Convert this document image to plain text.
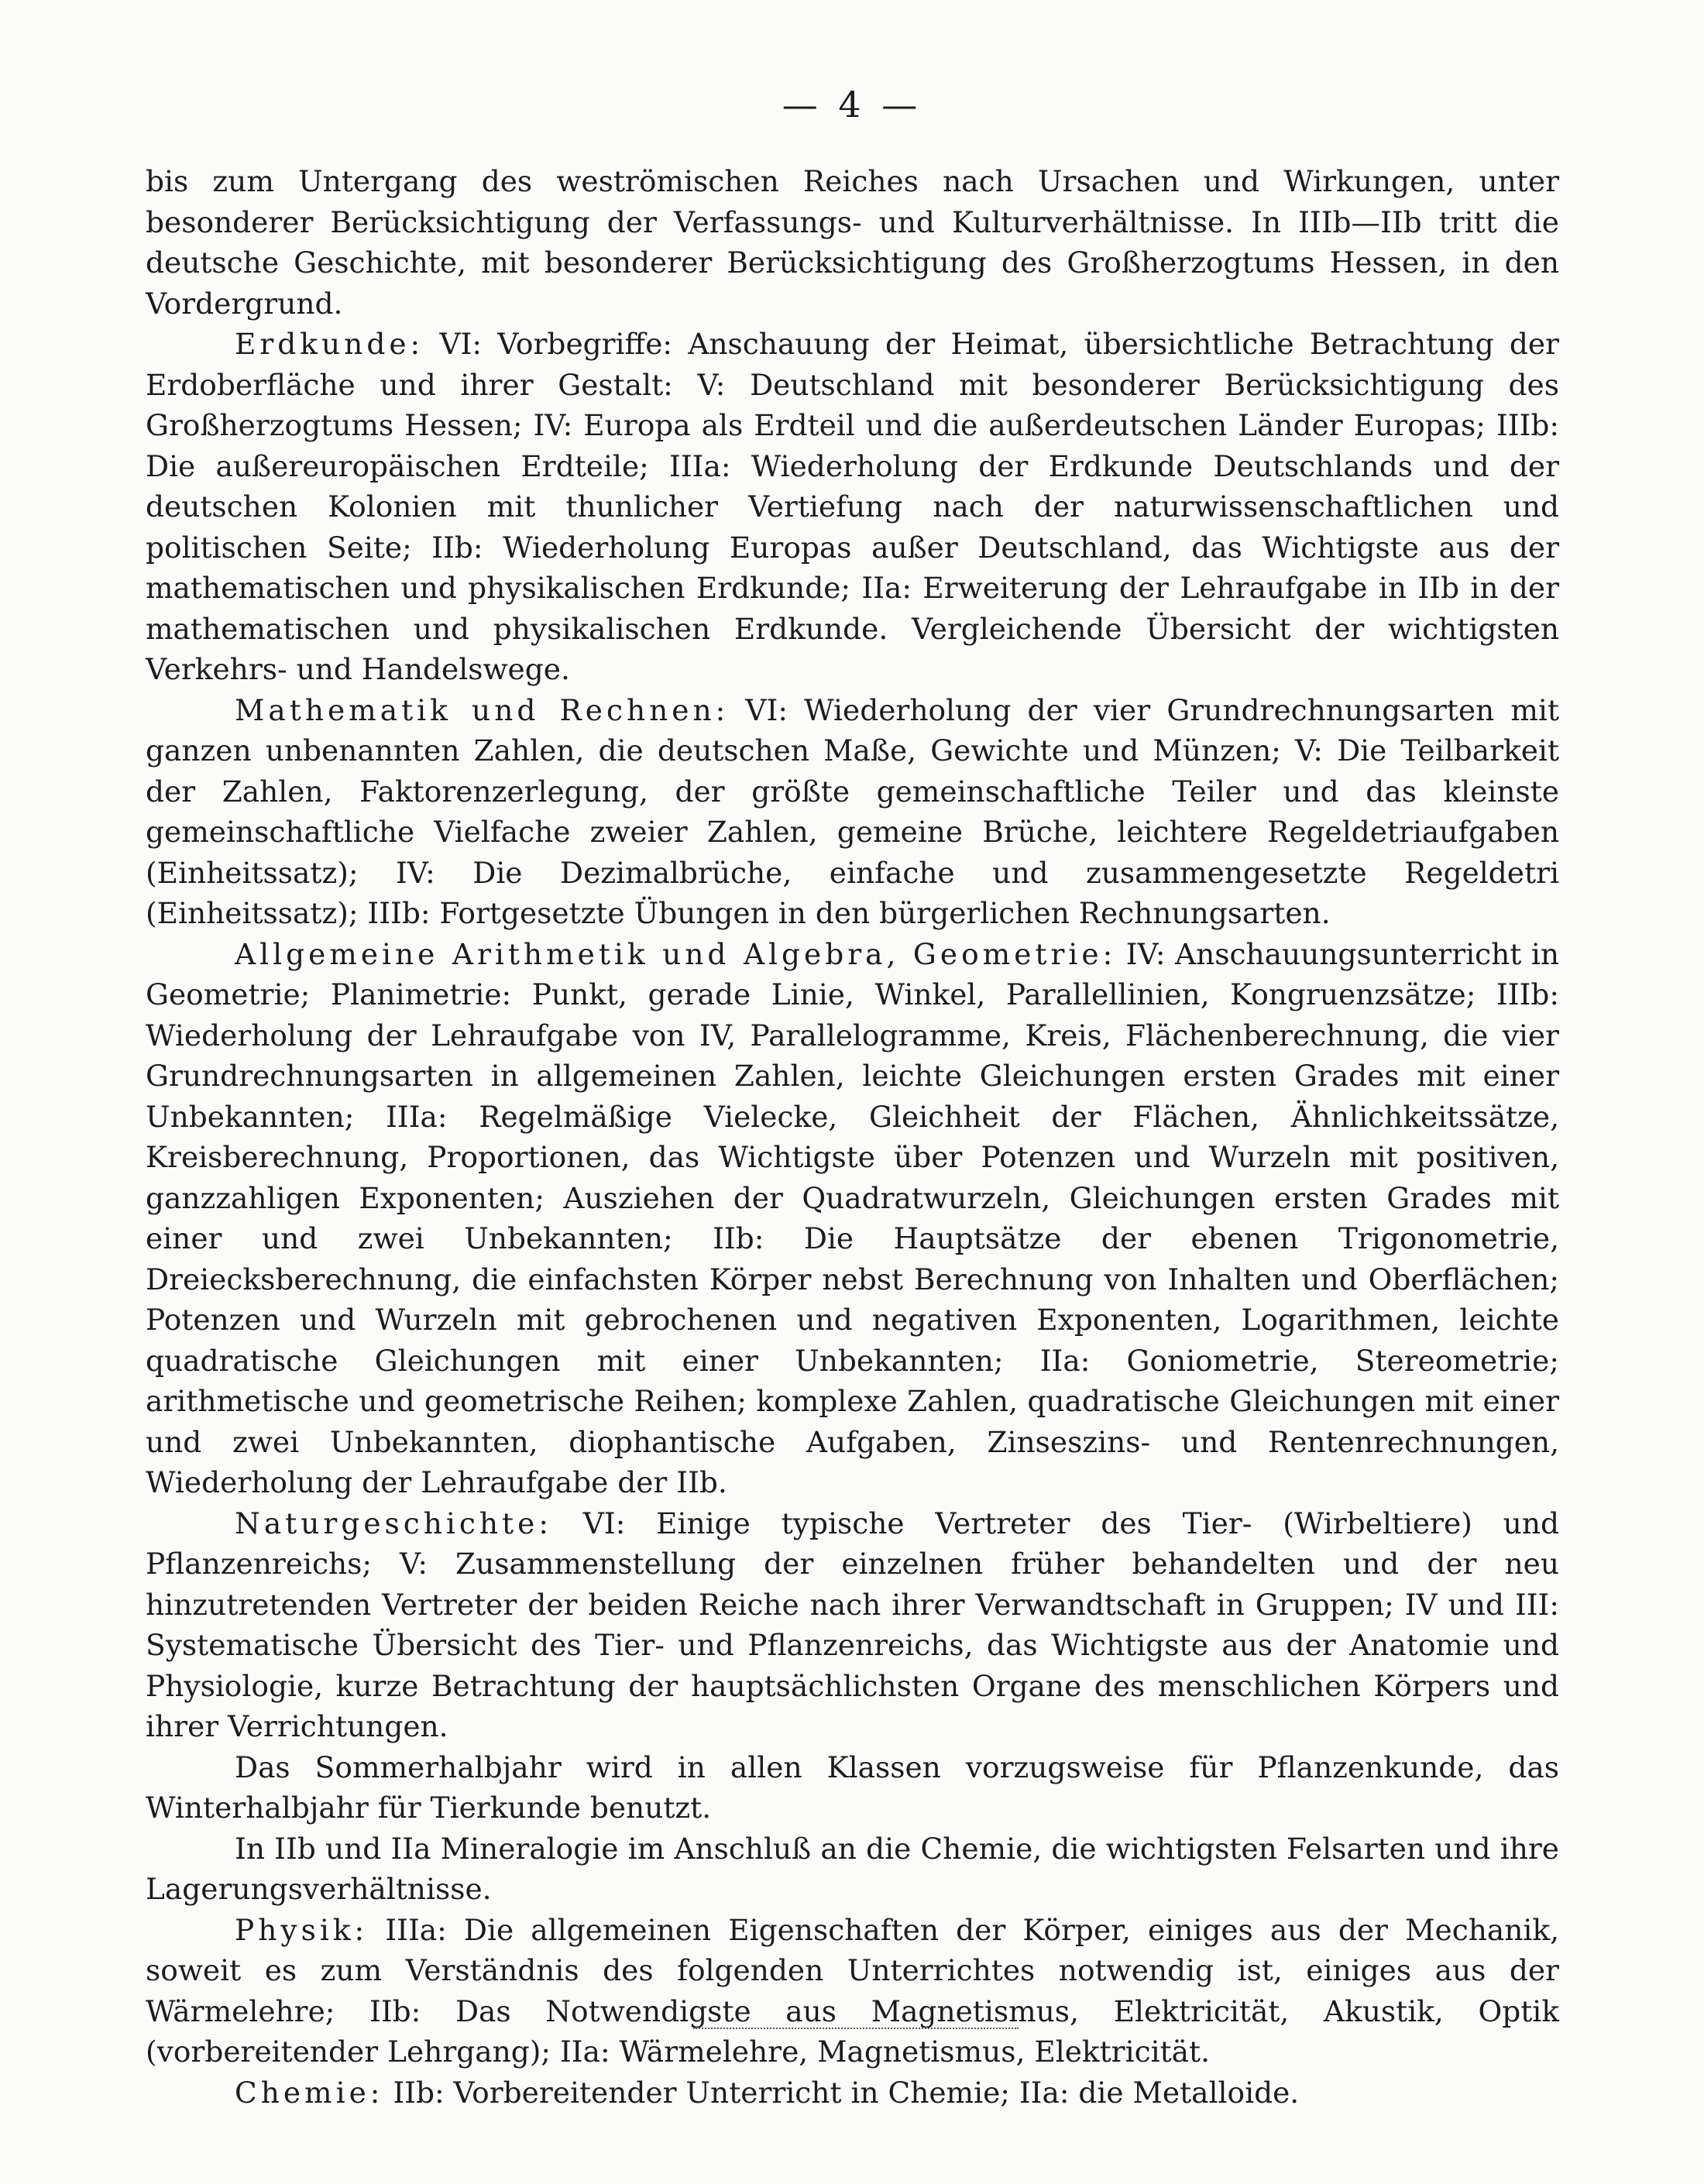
— 4 —

bis zum Untergang des weströmischen Reiches nach Ursachen und Wirkungen, unter besonderer Berücksichtigung der Verfassungs- und Kulturverhältnisse. In IIIb—IIb tritt die deutsche Geschichte, mit besonderer Berücksichtigung des Großherzogtums Hessen, in den Vordergrund.

Erdkunde: VI: Vorbegriffe: Anschauung der Heimat, übersichtliche Betrachtung der Erdoberfläche und ihrer Gestalt: V: Deutschland mit besonderer Berücksichtigung des Großherzogtums Hessen; IV: Europa als Erdteil und die außerdeutschen Länder Europas; IIIb: Die außereuropäischen Erdteile; IIIa: Wiederholung der Erdkunde Deutschlands und der deutschen Kolonien mit thunlicher Vertiefung nach der naturwissenschaftlichen und politischen Seite; IIb: Wiederholung Europas außer Deutschland, das Wichtigste aus der mathematischen und physikalischen Erdkunde; IIa: Erweiterung der Lehraufgabe in IIb in der mathematischen und physikalischen Erdkunde. Vergleichende Übersicht der wichtigsten Verkehrs- und Handelswege.

Mathematik und Rechnen: VI: Wiederholung der vier Grundrechnungsarten mit ganzen unbenannten Zahlen, die deutschen Maße, Gewichte und Münzen; V: Die Teilbarkeit der Zahlen, Faktorenzerlegung, der größte gemeinschaftliche Teiler und das kleinste gemeinschaftliche Vielfache zweier Zahlen, gemeine Brüche, leichtere Regeldetriaufgaben (Einheitssatz); IV: Die Dezimalbrüche, einfache und zusammengesetzte Regeldetri (Einheitssatz); IIIb: Fortgesetzte Übungen in den bürgerlichen Rechnungsarten.

Allgemeine Arithmetik und Algebra, Geometrie: IV: Anschauungsunterricht in Geometrie; Planimetrie: Punkt, gerade Linie, Winkel, Parallellinien, Kongruenzsätze; IIIb: Wiederholung der Lehraufgabe von IV, Parallelogramme, Kreis, Flächenberechnung, die vier Grundrechnungsarten in allgemeinen Zahlen, leichte Gleichungen ersten Grades mit einer Unbekannten; IIIa: Regelmäßige Vielecke, Gleichheit der Flächen, Ähnlichkeitssätze, Kreisberechnung, Proportionen, das Wichtigste über Potenzen und Wurzeln mit positiven, ganzzahligen Exponenten; Ausziehen der Quadratwurzeln, Gleichungen ersten Grades mit einer und zwei Unbekannten; IIb: Die Hauptsätze der ebenen Trigonometrie, Dreiecksberechnung, die einfachsten Körper nebst Berechnung von Inhalten und Oberflächen; Potenzen und Wurzeln mit gebrochenen und negativen Exponenten, Logarithmen, leichte quadratische Gleichungen mit einer Unbekannten; IIa: Goniometrie, Stereometrie; arithmetische und geometrische Reihen; komplexe Zahlen, quadratische Gleichungen mit einer und zwei Unbekannten, diophantische Aufgaben, Zinseszins- und Rentenrechnungen, Wiederholung der Lehraufgabe der IIb.

Naturgeschichte: VI: Einige typische Vertreter des Tier- (Wirbeltiere) und Pflanzenreichs; V: Zusammenstellung der einzelnen früher behandelten und der neu hinzutretenden Vertreter der beiden Reiche nach ihrer Verwandtschaft in Gruppen; IV und III: Systematische Übersicht des Tier- und Pflanzenreichs, das Wichtigste aus der Anatomie und Physiologie, kurze Betrachtung der hauptsächlichsten Organe des menschlichen Körpers und ihrer Verrichtungen.

Das Sommerhalbjahr wird in allen Klassen vorzugsweise für Pflanzenkunde, das Winterhalbjahr für Tierkunde benutzt.

In IIb und IIa Mineralogie im Anschluß an die Chemie, die wichtigsten Felsarten und ihre Lagerungsverhältnisse.

Physik: IIIa: Die allgemeinen Eigenschaften der Körper, einiges aus der Mechanik, soweit es zum Verständnis des folgenden Unterrichtes notwendig ist, einiges aus der Wärmelehre; IIb: Das Notwendigste aus Magnetismus, Elektricität, Akustik, Optik (vorbereitender Lehrgang); IIa: Wärmelehre, Magnetismus, Elektricität.

Chemie: IIb: Vorbereitender Unterricht in Chemie; IIa: die Metalloide.
